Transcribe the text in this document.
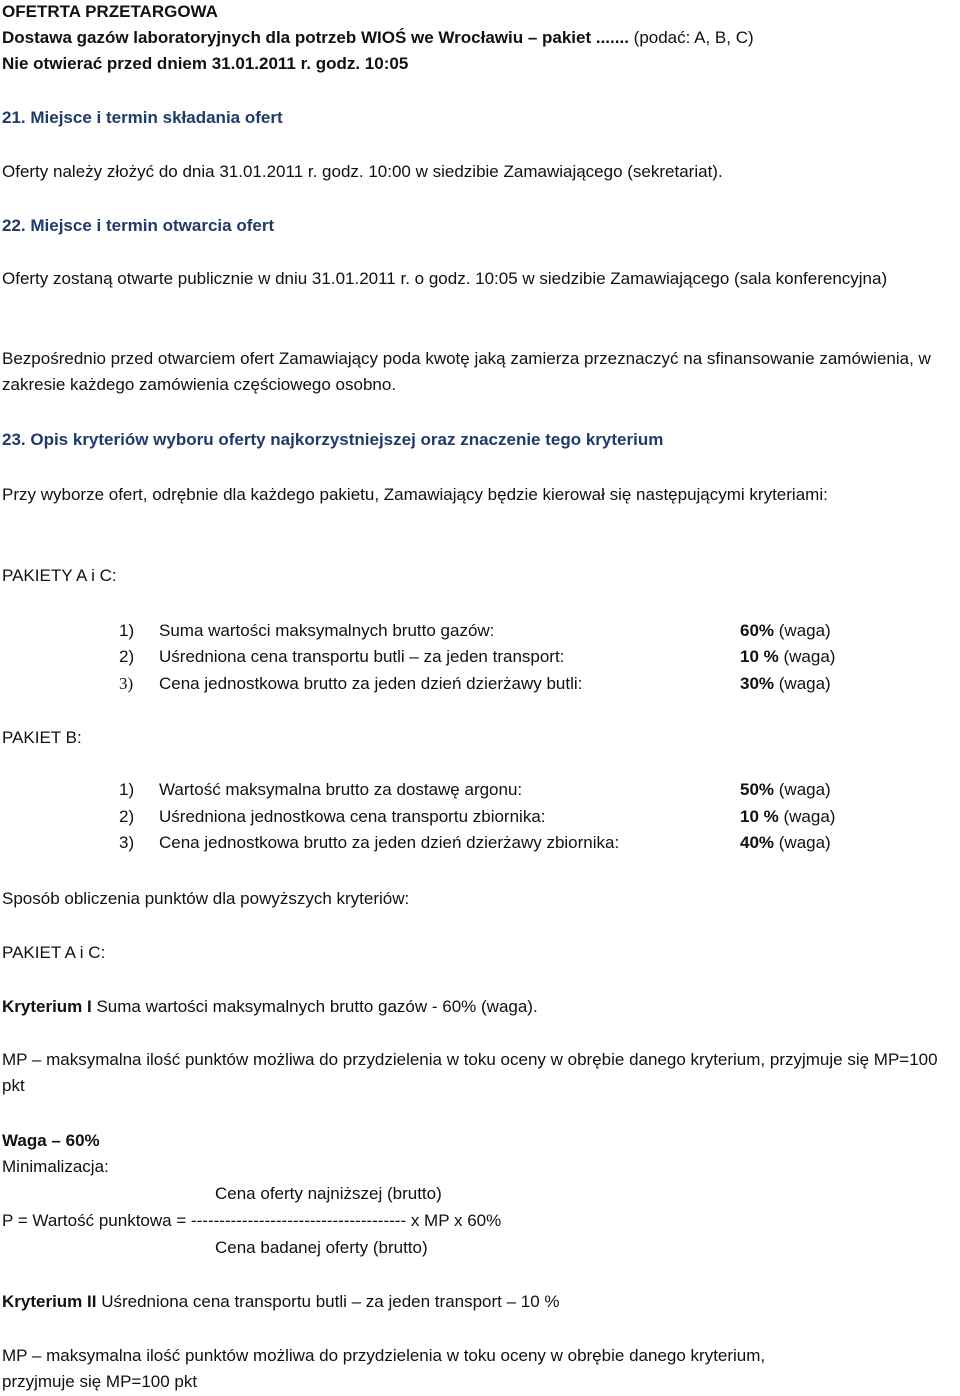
OFETRTA PRZETARGOWA
Dostawa gazów laboratoryjnych dla potrzeb WIOŚ we Wrocławiu – pakiet ....... (podać: A, B, C)
Nie otwierać przed dniem 31.01.2011 r. godz. 10:05
21. Miejsce i termin składania ofert
Oferty należy złożyć do dnia 31.01.2011 r. godz. 10:00 w siedzibie Zamawiającego (sekretariat).
22. Miejsce i termin otwarcia ofert
Oferty zostaną otwarte publicznie w dniu 31.01.2011 r. o godz. 10:05 w siedzibie Zamawiającego (sala konferencyjna)
Bezpośrednio przed otwarciem ofert Zamawiający poda kwotę jaką zamierza przeznaczyć na sfinansowanie zamówienia, w zakresie każdego zamówienia częściowego osobno.
23. Opis kryteriów wyboru oferty najkorzystniejszej oraz znaczenie tego kryterium
Przy wyborze ofert, odrębnie dla każdego pakietu, Zamawiający będzie kierował się następującymi kryteriami:
PAKIETY A i C:
1) Suma wartości maksymalnych brutto gazów:	60% (waga)
2) Uśredniona cena transportu butli – za jeden transport:	10 % (waga)
3) Cena jednostkowa brutto za jeden dzień dzierżawy butli:	30% (waga)
PAKIET B:
1) Wartość maksymalna brutto za dostawę argonu:	50% (waga)
2) Uśredniona jednostkowa cena transportu zbiornika:	10 % (waga)
3) Cena jednostkowa brutto za jeden dzień dzierżawy zbiornika:	40% (waga)
Sposób obliczenia punktów dla powyższych kryteriów:
PAKIET A i C:
Kryterium I Suma wartości maksymalnych brutto gazów - 60% (waga).
MP – maksymalna ilość punktów możliwa do przydzielenia w toku oceny w obrębie danego kryterium, przyjmuje się MP=100 pkt
Waga – 60%
Minimalizacja:
Cena oferty najniższej (brutto)
P = Wartość punktowa = -------------------------------------- x MP x 60%
Cena badanej oferty (brutto)
Kryterium II Uśredniona cena transportu butli – za jeden transport – 10 %
MP – maksymalna ilość punktów możliwa do przydzielenia w toku oceny w obrębie danego kryterium,
przyjmuje się MP=100 pkt
